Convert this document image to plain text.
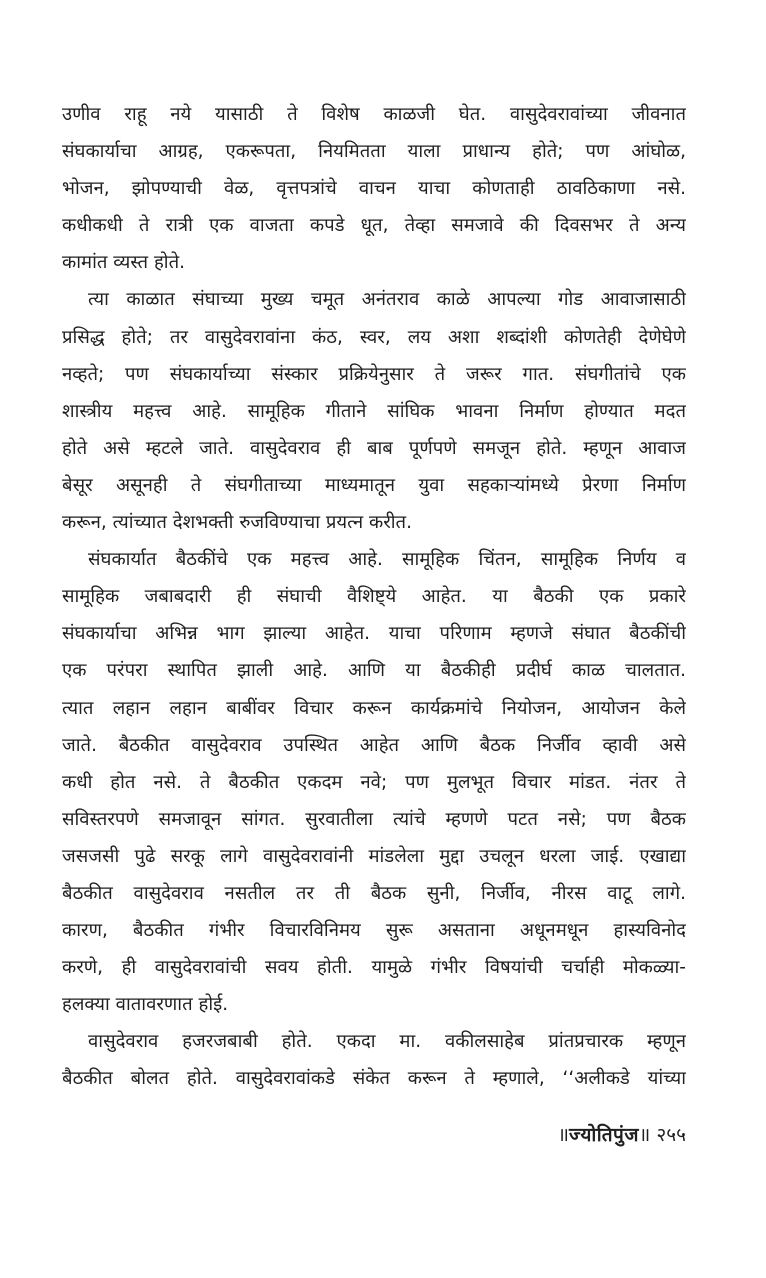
उणीव राहू नये यासाठी ते विशेष काळजी घेत. वासुदेवरावांच्या जीवनात
संघकार्याचा आग्रह, एकरूपता, नियमितता याला प्राधान्य होते; पण आंघोळ,
भोजन, झोपण्याची वेळ, वृत्तपत्रांचे वाचन याचा कोणताही ठावठिकाणा नसे.
कधीकधी ते रात्री एक वाजता कपडे धूत, तेव्हा समजावे की दिवसभर ते अन्य
कामांत व्यस्त होते.
त्या काळात संघाच्या मुख्य चमूत अनंतराव काळे आपल्या गोड आवाजासाठी
प्रसिद्ध होते; तर वासुदेवरावांना कंठ, स्वर, लय अशा शब्दांशी कोणतेही देणेघेणे
नव्हते; पण संघकार्याच्या संस्कार प्रक्रियेनुसार ते जरूर गात. संघगीतांचे एक
शास्त्रीय महत्त्व आहे. सामूहिक गीताने सांघिक भावना निर्माण होण्यात मदत
होते असे म्हटले जाते. वासुदेवराव ही बाब पूर्णपणे समजून होते. म्हणून आवाज
बेसूर असूनही ते संघगीताच्या माध्यमातून युवा सहकाऱ्यांमध्ये प्रेरणा निर्माण
करून, त्यांच्यात देशभक्ती रुजविण्याचा प्रयत्न करीत.
संघकार्यात बैठकींचे एक महत्त्व आहे. सामूहिक चिंतन, सामूहिक निर्णय व
सामूहिक जबाबदारी ही संघाची वैशिष्ट्ये आहेत. या बैठकी एक प्रकारे
संघकार्याचा अभिन्न भाग झाल्या आहेत. याचा परिणाम म्हणजे संघात बैठकींची
एक परंपरा स्थापित झाली आहे. आणि या बैठकीही प्रदीर्घ काळ चालतात.
त्यात लहान लहान बाबींवर विचार करून कार्यक्रमांचे नियोजन, आयोजन केले
जाते. बैठकीत वासुदेवराव उपस्थित आहेत आणि बैठक निर्जीव व्हावी असे
कधी होत नसे. ते बैठकीत एकदम नवे; पण मुलभूत विचार मांडत. नंतर ते
सविस्तरपणे समजावून सांगत. सुरवातीला त्यांचे म्हणणे पटत नसे; पण बैठक
जसजसी पुढे सरकू लागे वासुदेवरावांनी मांडलेला मुद्दा उचलून धरला जाई. एखाद्या
बैठकीत वासुदेवराव नसतील तर ती बैठक सुनी, निर्जीव, नीरस वाटू लागे.
कारण, बैठकीत गंभीर विचारविनिमय सुरू असताना अधूनमधून हास्यविनोद
करणे, ही वासुदेवरावांची सवय होती. यामुळे गंभीर विषयांची चर्चाही मोकळ्या-
हलक्या वातावरणात होई.
वासुदेवराव हजरजबाबी होते. एकदा मा. वकीलसाहेब प्रांतप्रचारक म्हणून
बैठकीत बोलत होते. वासुदेवरावांकडे संकेत करून ते म्हणाले, ‘‘अलीकडे यांच्या
॥ज्योतिपुंज॥ २५५
